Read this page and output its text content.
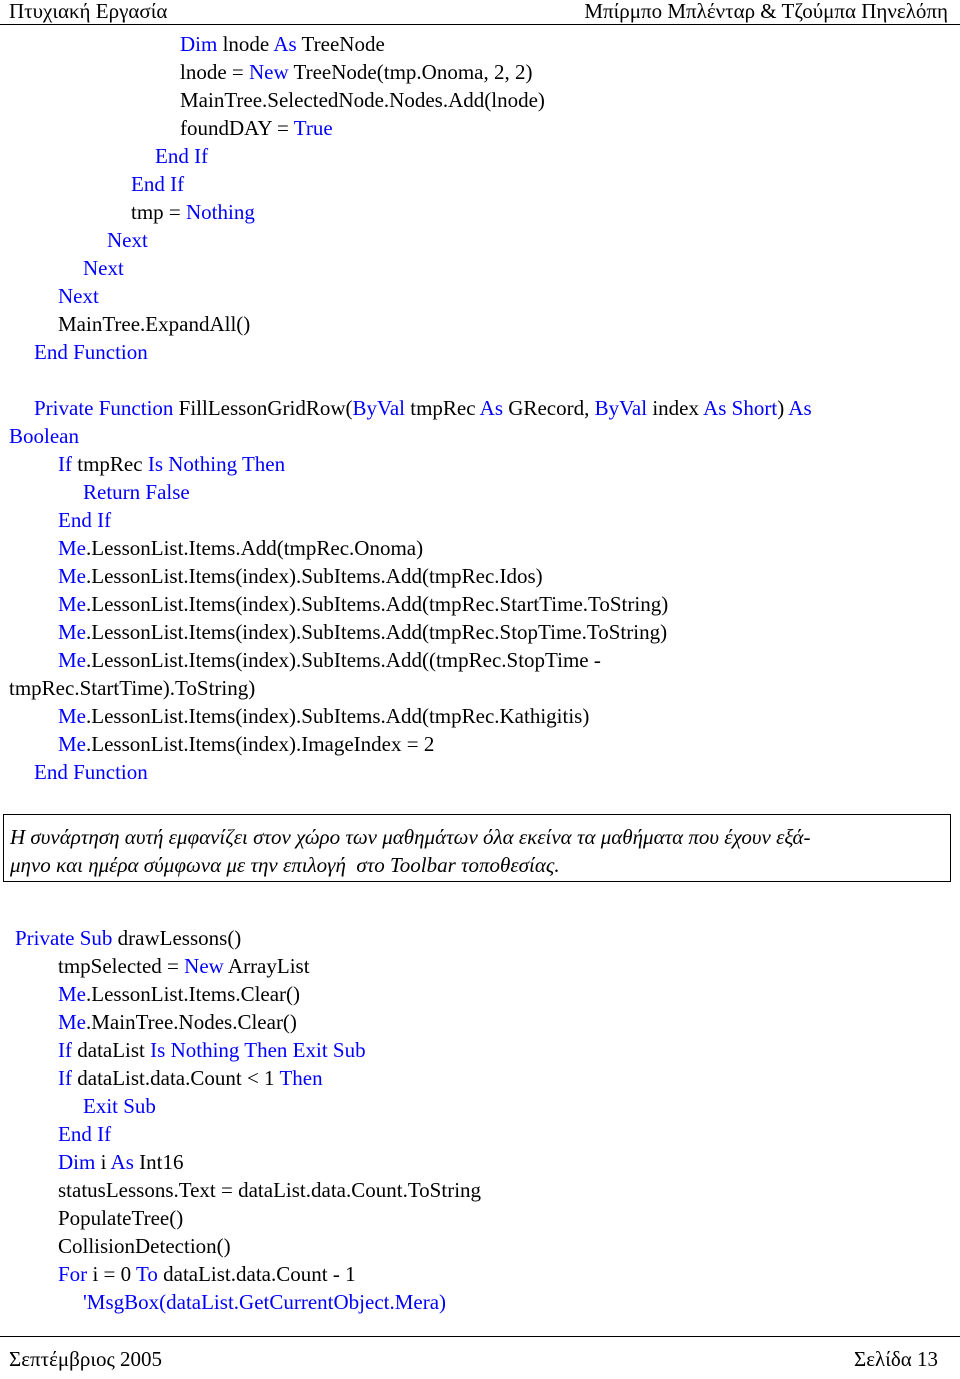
Πτυχιακή Εργασία	Μπίρμπο Μπλένταρ & Τζούμπα Πηνελόπη
Dim lnode As TreeNode
lnode = New TreeNode(tmp.Onoma, 2, 2)
MainTree.SelectedNode.Nodes.Add(lnode)
foundDAY = True
End If
End If
tmp = Nothing
Next
Next
Next
MainTree.ExpandAll()
End Function
Private Function FillLessonGridRow(ByVal tmpRec As GRecord, ByVal index As Short) As
Boolean
If tmpRec Is Nothing Then
Return False
End If
Me.LessonList.Items.Add(tmpRec.Onoma)
Me.LessonList.Items(index).SubItems.Add(tmpRec.Idos)
Me.LessonList.Items(index).SubItems.Add(tmpRec.StartTime.ToString)
Me.LessonList.Items(index).SubItems.Add(tmpRec.StopTime.ToString)
Me.LessonList.Items(index).SubItems.Add((tmpRec.StopTime -
tmpRec.StartTime).ToString)
Me.LessonList.Items(index).SubItems.Add(tmpRec.Kathigitis)
Me.LessonList.Items(index).ImageIndex = 2
End Function
Η συνάρτηση αυτή εμφανίζει στον χώρο των μαθημάτων όλα εκείνα τα μαθήματα που έχουν εξά-
μηνο και ημέρα σύμφωνα με την επιλογή  στο Toolbar τοποθεσίας.
Private Sub drawLessons()
tmpSelected = New ArrayList
Me.LessonList.Items.Clear()
Me.MainTree.Nodes.Clear()
If dataList Is Nothing Then Exit Sub
If dataList.data.Count < 1 Then
Exit Sub
End If
Dim i As Int16
statusLessons.Text = dataList.data.Count.ToString
PopulateTree()
CollisionDetection()
For i = 0 To dataList.data.Count - 1
'MsgBox(dataList.GetCurrentObject.Mera)
Σεπτέμβριος 2005	Σελίδα 13
